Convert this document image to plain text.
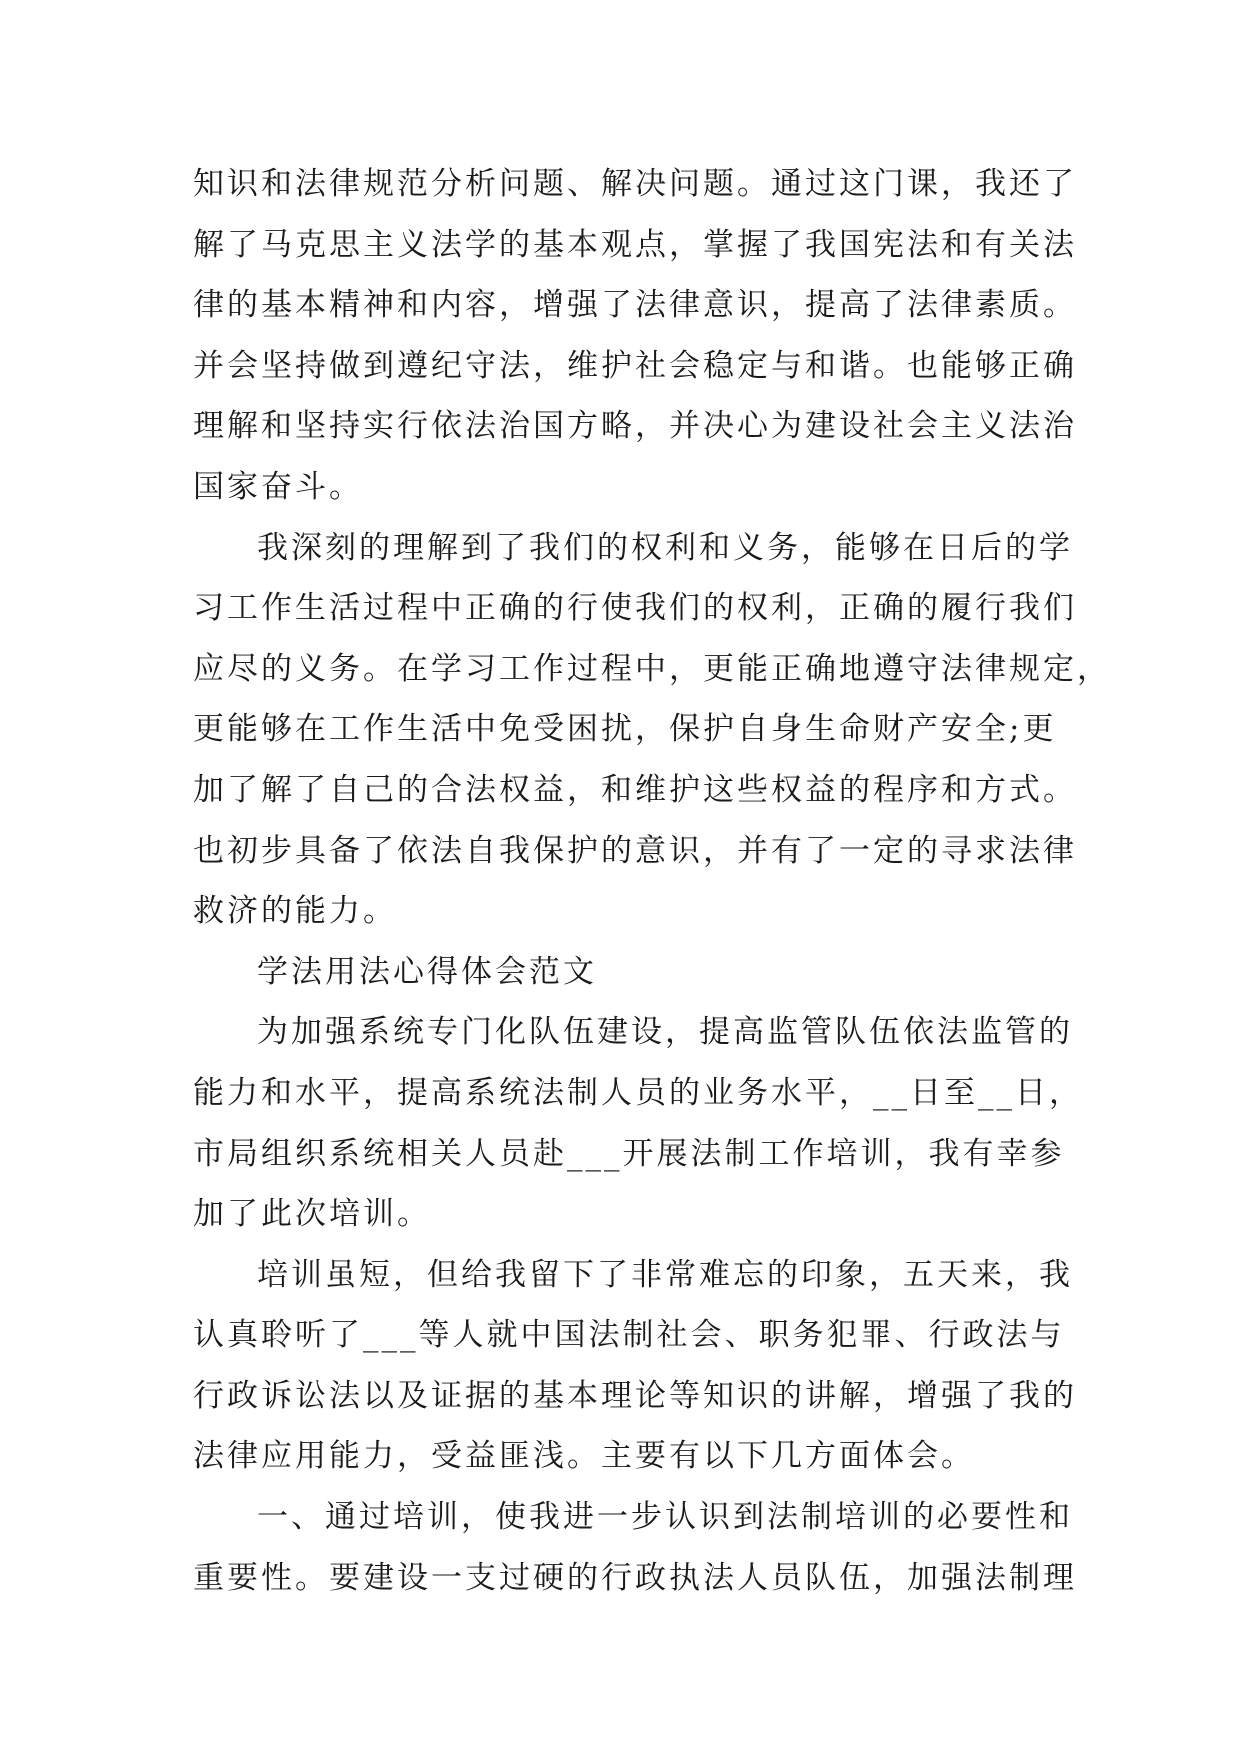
知识和法律规范分析问题、解决问题。通过这门课，我还了
解了马克思主义法学的基本观点，掌握了我国宪法和有关法
律的基本精神和内容，增强了法律意识，提高了法律素质。
并会坚持做到遵纪守法，维护社会稳定与和谐。也能够正确
理解和坚持实行依法治国方略，并决心为建设社会主义法治
国家奋斗。
我深刻的理解到了我们的权利和义务，能够在日后的学
习工作生活过程中正确的行使我们的权利，正确的履行我们
应尽的义务。在学习工作过程中，更能正确地遵守法律规定，
更能够在工作生活中免受困扰，保护自身生命财产安全;更
加了解了自己的合法权益，和维护这些权益的程序和方式。
也初步具备了依法自我保护的意识，并有了一定的寻求法律
救济的能力。
学法用法心得体会范文
为加强系统专门化队伍建设，提高监管队伍依法监管的
能力和水平，提高系统法制人员的业务水平，__日至__日，
市局组织系统相关人员赴___开展法制工作培训，我有幸参
加了此次培训。
培训虽短，但给我留下了非常难忘的印象，五天来，我
认真聆听了___等人就中国法制社会、职务犯罪、行政法与
行政诉讼法以及证据的基本理论等知识的讲解，增强了我的
法律应用能力，受益匪浅。主要有以下几方面体会。
一、通过培训，使我进一步认识到法制培训的必要性和
重要性。要建设一支过硬的行政执法人员队伍，加强法制理
